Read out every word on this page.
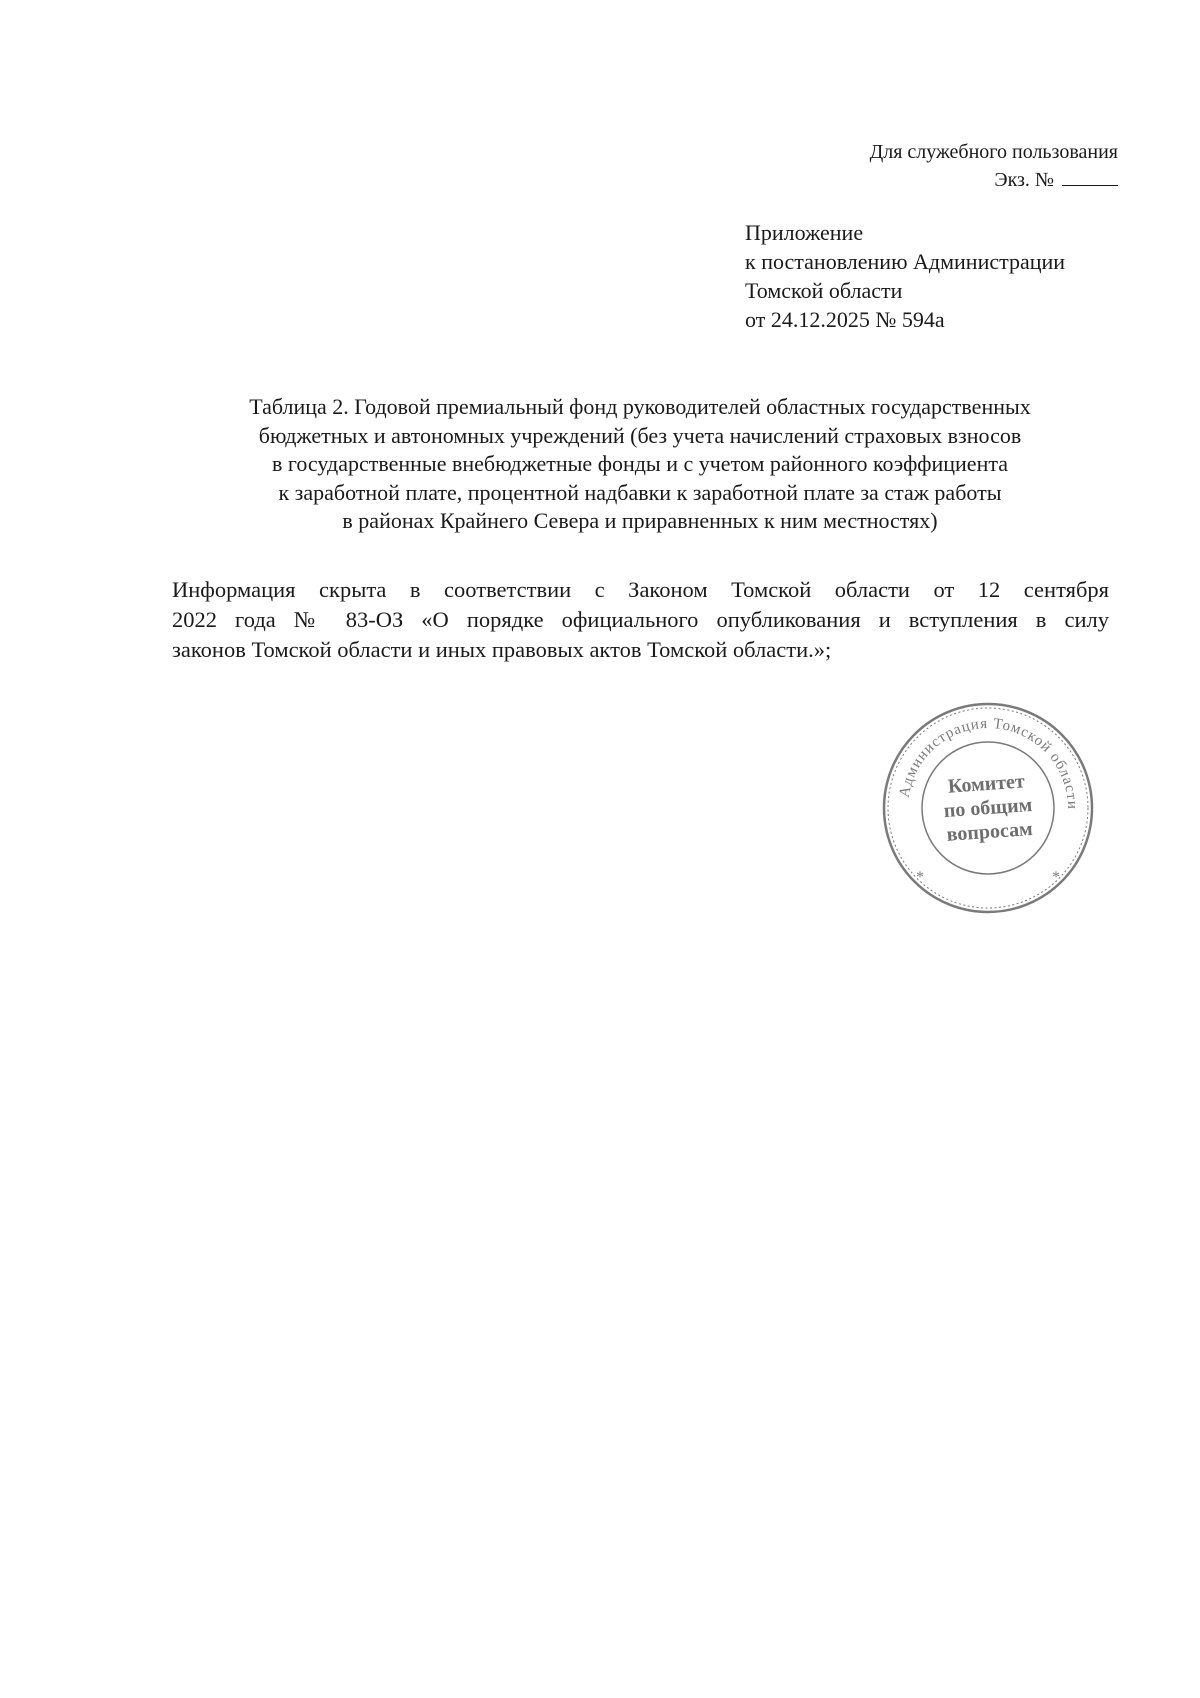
Для служебного пользования
Экз. №
Приложение
к постановлению Администрации
Томской области
от 24.12.2025 № 594а
Таблица 2. Годовой премиальный фонд руководителей областных государственных
бюджетных и автономных учреждений (без учета начислений страховых взносов
в государственные внебюджетные фонды и с учетом районного коэффициента
к заработной плате, процентной надбавки к заработной плате за стаж работы
в районах Крайнего Севера и приравненных к ним местностях)
Информация скрыта в соответствии с Законом Томской области от 12 сентября
2022 года № 83-ОЗ «О порядке официального опубликования и вступления в силу
законов Томской области и иных правовых актов Томской области.»;
Администрация Томской области
*	*
Комитет
по общим
вопросам
